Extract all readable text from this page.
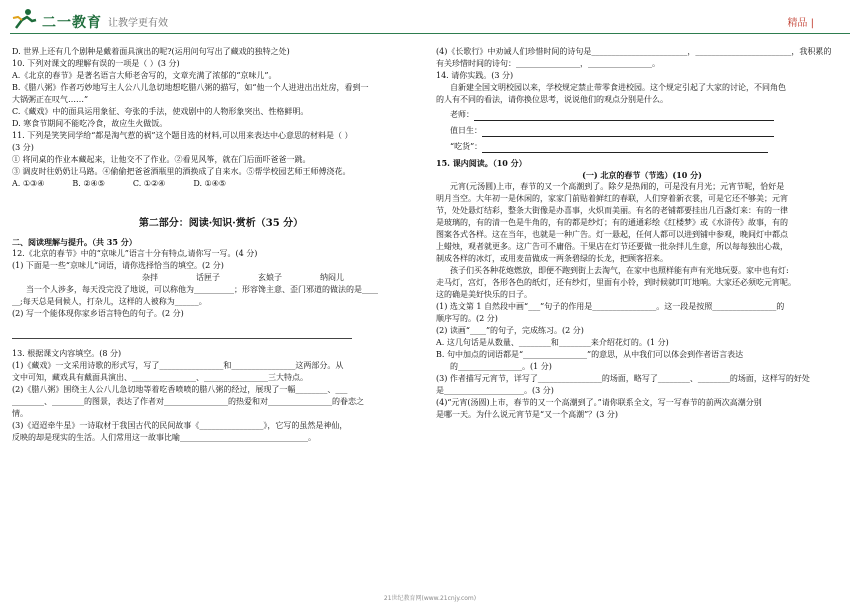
二一教育 让教学更有效	精品 |

D. 世界上还有几个剧种是戴着面具演出的呢?(运用问句写出了藏戏的独特之处)

10. 下列对课文的理解有误的一项是（ ）(3 分)

A.《北京的春节》是著名语言大师老舍写的，文章充满了浓郁的“京味儿”。

B.《腊八粥》作者巧妙地写主人公八儿急切地想吃腊八粥的描写，如“他一个人进进出出灶房，看到一

大锅粥正在叹气……”

C.《藏戏》中的面具运用象征、夸张的手法，使戏剧中的人物形象突出、性格鲜明。

D. 寒食节期间不能吃冷食，故应生火做饭。

11. 下列是笑笑同学给“都是淘气惹的祸”这个题目选的材料,可以用来表达中心意思的材料是（ ）

(3 分)

① 将同桌的作业本藏起来，让他交不了作业。②看见风筝，就在门后面吓爸爸一跳。

③ 调皮时往奶奶让马路。④偷偷把爸爸酒瓶里的酒换成了自来水。⑤帮学校园艺师王师傅浇花。

A. ①③④	B. ②④⑤	C. ①②④	D. ①④⑤

第二部分：阅读·知识·赏析（35 分）

二、阅读理解与提升。（共 35 分）

12.《北京的春节》中的“京味儿”语言十分有特点,请你写一写。(4 分)

(1) 下面是一些“京味儿”词语，请你选择恰当的填空。(2 分)

杂拌	话匣子	玄娘子	纳闷儿

当一个人涉多，每天没完没了地说，可以称他为__________；形容馋主意、歪门邪道的做法的是____

__;每天总是伺候人，打杂儿，这样的人被称为______。

(2) 写一个能体现你家乡语言特色的句子。(2 分)

13. 根据课文内容填空。(8 分)

(1)《藏戏》一文采用诗歌的形式写，写了________________和________________这两部分。从

文中可知，藏戏具有戴面具演出、________________、________________三大特点。

(2)《腊八粥》围绕主人公八儿急切地等着吃香喷喷的腊八粥的经过，展现了一幅________、___

________、________的图景，表达了作者对________________的热爱和对________________的眷恋之

情。

(3)《迢迢牵牛星》一诗取材于我国古代的民间故事《________________》，它写的虽然是神仙，

反映的却是现实的生活。人们常用这一故事比喻________________________________。

(4)《长歌行》中劝诫人们珍惜时间的诗句是________________________，________________________，我积累的

有关珍惜时间的诗句：________________，________________。

14. 请你实践。(3 分)

自新建全国文明校园以来，学校规定禁止带零食进校园。这个规定引起了大家的讨论，不同角色

的人有不同的看法，请你换位思考，说说他们的观点分别是什么。

老师：
值日生：
“吃货”：

15. 课内阅读。（10 分）

(一) 北京的春节（节选）(10 分)

元宵(元汤圆)上市，春节的又一个高潮到了。除夕是热闹的，可是没有月光；元宵节呢，恰好是

明月当空。大年初一是休闲的，家家门前贴着鲜红的春联，人们穿着新衣裳，可是它还不够美；元宵

节，处处悬灯结彩，整条大街像是办喜事，火炽而美丽。有名的老铺都要挂出几百盏灯来：有的一律

是玻璃的，有的清一色是牛角的，有的都是纱灯；有的通通彩绘《红楼梦》或《水浒传》故事，有的

图案各式各样。这在当年，也就是一种广告。灯一悬起，任何人都可以进到铺中参观，晚间灯中都点

上蜡烛，观者就更多。这广告可不庸俗。干果店在灯节还要做一批杂拌儿生意，所以每每独出心裁，

制成各样的冰灯，或用麦苗做成一两条碧绿的长龙，把顾客招来。

孩子们买各种花炮燃放，即便不跑到街上去淘气，在家中也照样能有声有光地玩耍。家中也有灯:

走马灯，宫灯，各形各色的纸灯，还有纱灯，里面有小铃，到时候就叮叮地响。大家还必须吃元宵呢。

这的确是美好快乐的日子。

(1) 选文第 1 自然段中画“___”句子的作用是________________。这一段是按照________________的

顺序写的。(2 分)

(2) 读画“____”的句子，完成练习。(2 分)

A. 这几句话是从数量、________和________来介绍花灯的。(1 分)

B. 句中加点的词语都是“________________”的意思，从中我们可以体会到作者语言表达

的________________。(1 分)

(3) 作者描写元宵节，详写了________________的场面，略写了________、________的场面，这样写的好处

是____________________。(3 分)

(4)“元宵(汤圆)上市，春节的又一个高潮到了。”请你联系全文，写一写春节的前两次高潮分别

是哪一天。为什么说元宵节是“又一个高潮”？(3 分)

21世纪教育网(www.21cnjy.com)
